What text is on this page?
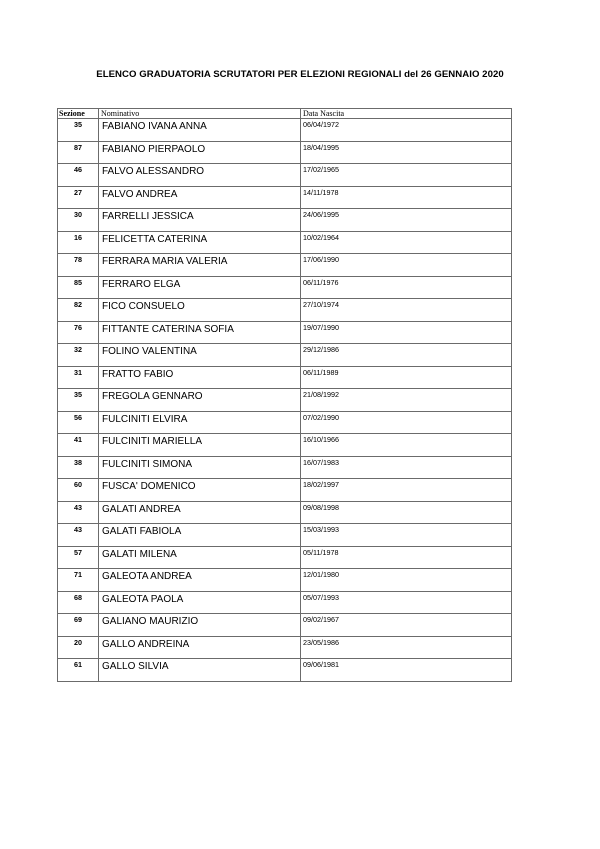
ELENCO GRADUATORIA SCRUTATORI PER ELEZIONI REGIONALI del 26 GENNAIO 2020
Sezione	Nominativo	Data Nascita
35	FABIANO IVANA ANNA	06/04/1972
87	FABIANO PIERPAOLO	18/04/1995
46	FALVO ALESSANDRO	17/02/1965
27	FALVO ANDREA	14/11/1978
30	FARRELLI JESSICA	24/06/1995
16	FELICETTA CATERINA	10/02/1964
78	FERRARA MARIA VALERIA	17/06/1990
85	FERRARO ELGA	06/11/1976
82	FICO CONSUELO	27/10/1974
76	FITTANTE CATERINA SOFIA	19/07/1990
32	FOLINO VALENTINA	29/12/1986
31	FRATTO FABIO	06/11/1989
35	FREGOLA GENNARO	21/08/1992
56	FULCINITI ELVIRA	07/02/1990
41	FULCINITI MARIELLA	16/10/1966
38	FULCINITI SIMONA	16/07/1983
60	FUSCA' DOMENICO	18/02/1997
43	GALATI ANDREA	09/08/1998
43	GALATI FABIOLA	15/03/1993
57	GALATI MILENA	05/11/1978
71	GALEOTA ANDREA	12/01/1980
68	GALEOTA PAOLA	05/07/1993
69	GALIANO MAURIZIO	09/02/1967
20	GALLO ANDREINA	23/05/1986
61	GALLO SILVIA	09/06/1981
